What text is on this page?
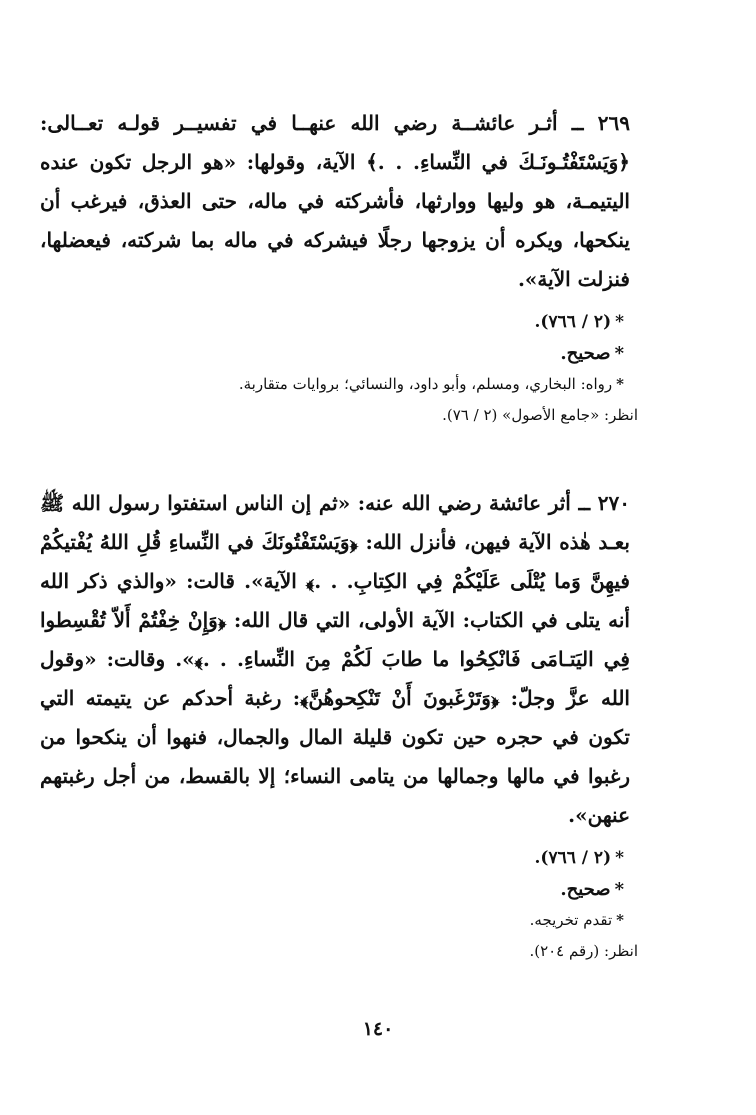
٢٦٩ ــ أثـر عائشــة رضي الله عنهــا في تفسيــر قولـه تعــالى: ﴿وَيَسْتَفْتُـونَـكَ في النِّساءِ. . .﴾ الآية، وقولها: «هو الرجل تكون عنده اليتيمـة، هو وليها ووارثها، فأشركته في ماله، حتى العذق، فيرغب أن ينكحها، ويكره أن يزوجها رجلًا فيشركه في ماله بما شركته، فيعضلها، فنزلت الآية».

*(٢ / ٧٦٦).
*صحيح.
*رواه: البخاري، ومسلم، وأبو داود، والنسائي؛ بروايات متقاربة.
انظر: «جامع الأصول» (٢ / ٧٦).

٢٧٠ ــ أثر عائشة رضي الله عنه: «ثم إن الناس استفتوا رسول الله ﷺ بعـد هٰذه الآية فيهن، فأنزل الله: ﴿وَيَسْتَفْتُونَكَ في النِّساءِ قُلِ اللهُ يُفْتيكُمْ فيهِنَّ وَما يُتْلَى عَلَيْكُمْ فِي الكِتابِ. . .﴾ الآية». قالت: «والذي ذكر الله أنه يتلى في الكتاب: الآية الأولى، التي قال الله: ﴿وَإِنْ خِفْتُمْ أَلاّ تُقْسِطوا فِي اليَتـامَى فَانْكِحُوا ما طابَ لَكُمْ مِنَ النِّساءِ. . .﴾». وقالت: «وقول الله عزَّ وجلّ: ﴿وَتَرْغَبونَ أَنْ تَنْكِحوهُنَّ﴾: رغبة أحدكم عن يتيمته التي تكون في حجره حين تكون قليلة المال والجمال، فنهوا أن ينكحوا من رغبوا في مالها وجمالها من يتامى النساء؛ إلا بالقسط، من أجل رغبتهم عنهن».

*(٢ / ٧٦٦).
*صحيح.
*تقدم تخريجه.
انظر: (رقم ٢٠٤).
١٤٠
